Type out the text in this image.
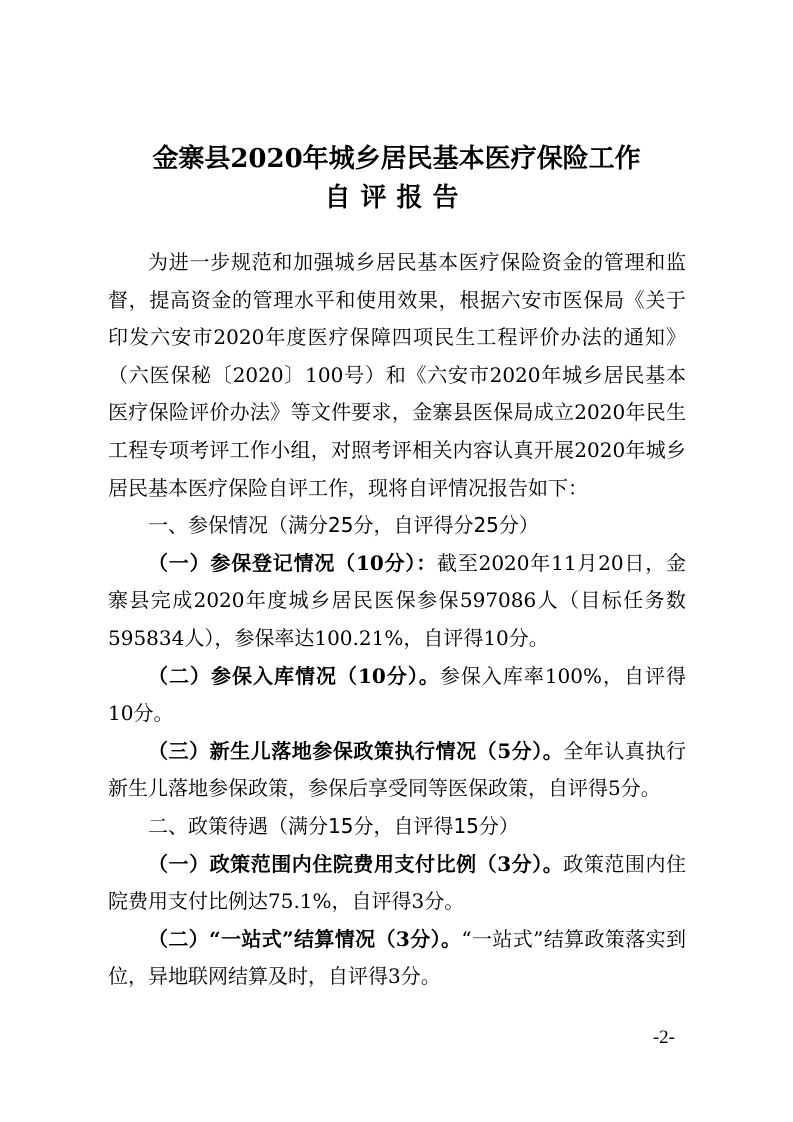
金寨县2020年城乡居民基本医疗保险工作
自评报告

为进一步规范和加强城乡居民基本医疗保险资金的管理和监督，提高资金的管理水平和使用效果，根据六安市医保局《关于印发六安市2020年度医疗保障四项民生工程评价办法的通知》（六医保秘〔2020〕100号）和《六安市2020年城乡居民基本医疗保险评价办法》等文件要求，金寨县医保局成立2020年民生工程专项考评工作小组，对照考评相关内容认真开展2020年城乡居民基本医疗保险自评工作，现将自评情况报告如下：

一、参保情况（满分25分，自评得分25分）

（一）参保登记情况（10分）：截至2020年11月20日，金寨县完成2020年度城乡居民医保参保597086人（目标任务数595834人），参保率达100.21%，自评得10分。

（二）参保入库情况（10分）。参保入库率100%，自评得10分。

（三）新生儿落地参保政策执行情况（5分）。全年认真执行新生儿落地参保政策，参保后享受同等医保政策，自评得5分。

二、政策待遇（满分15分，自评得15分）

（一）政策范围内住院费用支付比例（3分）。政策范围内住院费用支付比例达75.1%，自评得3分。

（二）“一站式”结算情况（3分）。“一站式”结算政策落实到位，异地联网结算及时，自评得3分。

-2-
